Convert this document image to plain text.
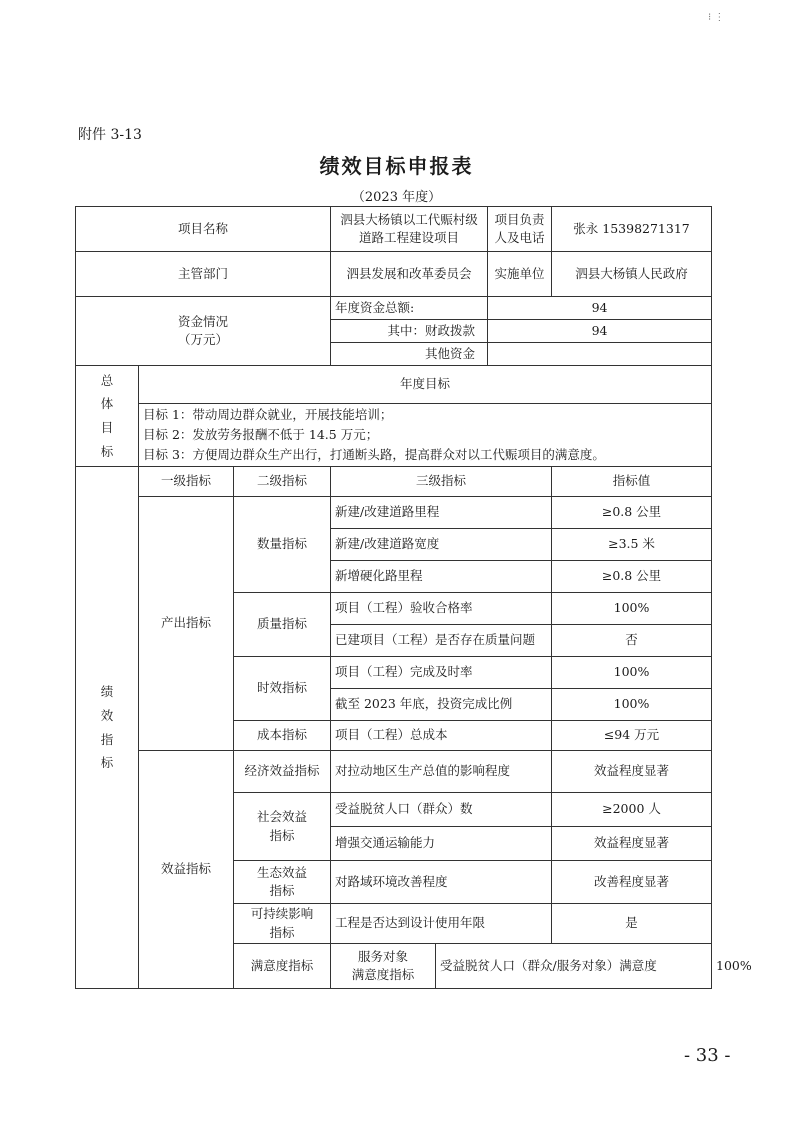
⁝ ⋮
附件 3-13
绩效目标申报表
（2023 年度）
项目名称			泗县大杨镇以工代赈村级道路工程建设项目		项目负责人及电话	张永 15398271317	
主管部门			泗县发展和改革委员会		实施单位	泗县大杨镇人民政府	
资金情况
（万元）			年度资金总额:		94		
			其中：财政拨款		94		
			其他资金				

总
体
目
标	年度目标						

	目标 1：带动周边群众就业，开展技能培训；
目标 2：发放劳务报酬不低于 14.5 万元；
目标 3：方便周边群众生产出行，打通断头路，提高群众对以工代赈项目的满意度。						

绩
效
指
标	一级指标	二级指标	三级指标			指标值	
	产出指标	数量指标	新建/改建道路里程			≥0.8 公里	
			新建/改建道路宽度			≥3.5 米	
			新增硬化路里程			≥0.8 公里	
		质量指标	项目（工程）验收合格率			100%	
			已建项目（工程）是否存在质量问题			否	
		时效指标	项目（工程）完成及时率			100%	
			截至 2023 年底，投资完成比例			100%	
		成本指标	项目（工程）总成本			≤94 万元	
	效益指标	经济效益指标	对拉动地区生产总值的影响程度			效益程度显著	
		社会效益
指标	受益脱贫人口（群众）数			≥2000 人	
			增强交通运输能力			效益程度显著	
		生态效益
指标	对路域环境改善程度			改善程度显著	
		可持续影响
指标	工程是否达到设计使用年限			是	
		满意度指标	服务对象
满意度指标	受益脱贫人口（群众/服务对象）满意度			100%
- 33 -
